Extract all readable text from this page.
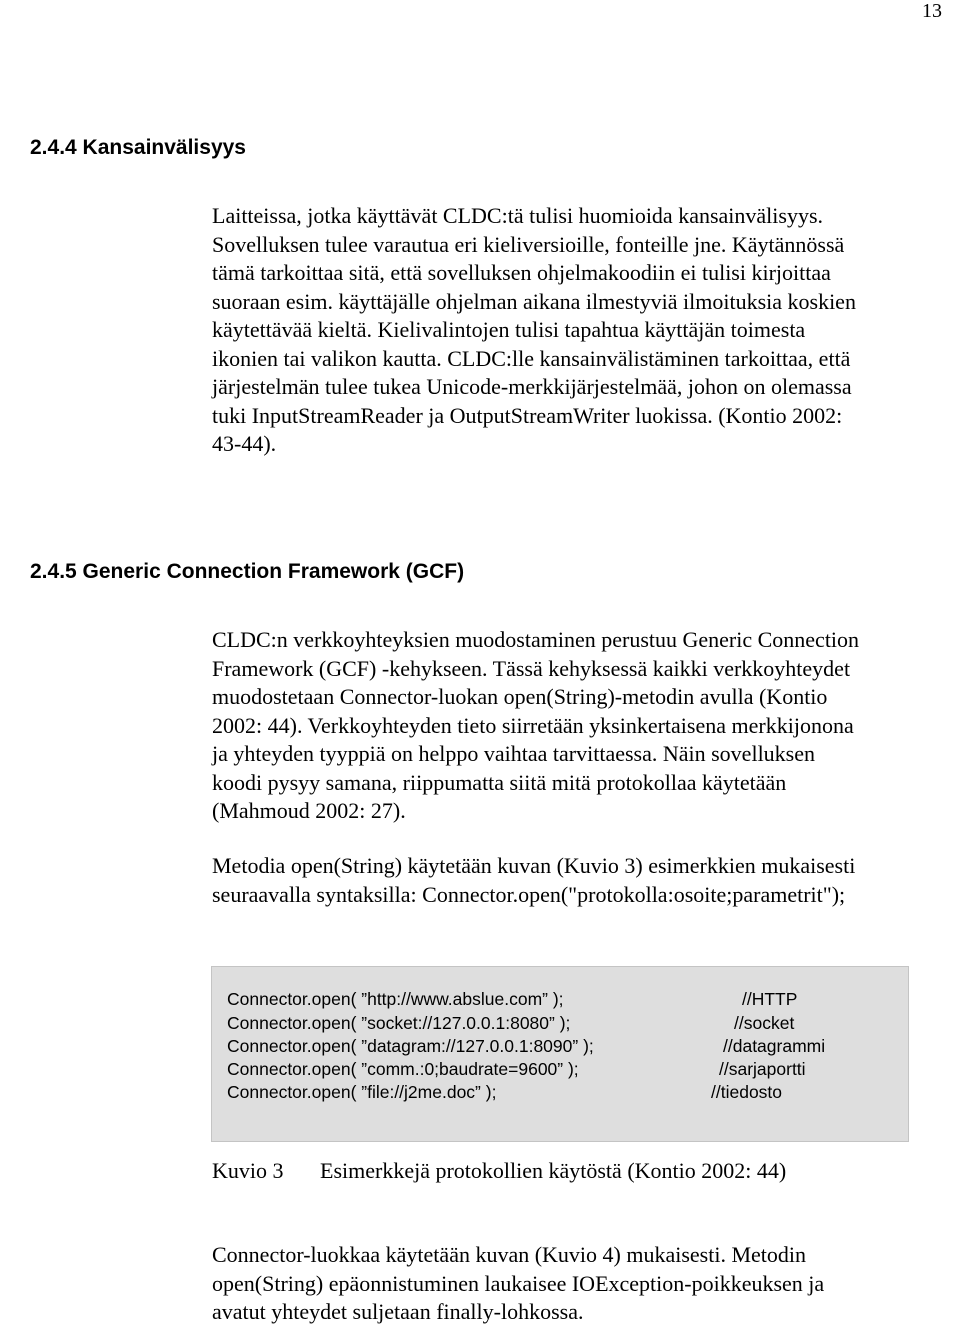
13
2.4.4 Kansainvälisyys

Laitteissa, jotka käyttävät CLDC:tä tulisi huomioida kansainvälisyys.
Sovelluksen tulee varautua eri kieliversioille, fonteille jne. Käytännössä
tämä tarkoittaa sitä, että sovelluksen ohjelmakoodiin ei tulisi kirjoittaa
suoraan esim. käyttäjälle ohjelman aikana ilmestyviä ilmoituksia koskien
käytettävää kieltä. Kielivalintojen tulisi tapahtua käyttäjän toimesta
ikonien tai valikon kautta. CLDC:lle kansainvälistäminen tarkoittaa, että
järjestelmän tulee tukea Unicode-merkkijärjestelmää, johon on olemassa
tuki InputStreamReader ja OutputStreamWriter luokissa. (Kontio 2002:
43-44).

2.4.5 Generic Connection Framework (GCF)

CLDC:n verkkoyhteyksien muodostaminen perustuu Generic Connection
Framework (GCF) -kehykseen. Tässä kehyksessä kaikki verkkoyhteydet
muodostetaan Connector-luokan open(String)-metodin avulla (Kontio
2002: 44). Verkkoyhteyden tieto siirretään yksinkertaisena merkkijonona
ja yhteyden tyyppiä on helppo vaihtaa tarvittaessa. Näin sovelluksen
koodi pysyy samana, riippumatta siitä mitä protokollaa käytetään
(Mahmoud 2002: 27).

Metodia open(String) käytetään kuvan (Kuvio 3) esimerkkien mukaisesti
seuraavalla syntaksilla: Connector.open("protokolla:osoite;parametrit");

Connector.open( ”http://www.abslue.com” );	//HTTP
Connector.open( ”socket://127.0.0.1:8080” );	//socket
Connector.open( ”datagram://127.0.0.1:8090” );	//datagrammi
Connector.open( ”comm.:0;baudrate=9600” );	//sarjaportti
Connector.open( ”file://j2me.doc” );	//tiedosto
Kuvio 3 Esimerkkejä protokollien käytöstä (Kontio 2002: 44)

Connector-luokkaa käytetään kuvan (Kuvio 4) mukaisesti. Metodin
open(String) epäonnistuminen laukaisee IOException-poikkeuksen ja
avatut yhteydet suljetaan finally-lohkossa.
